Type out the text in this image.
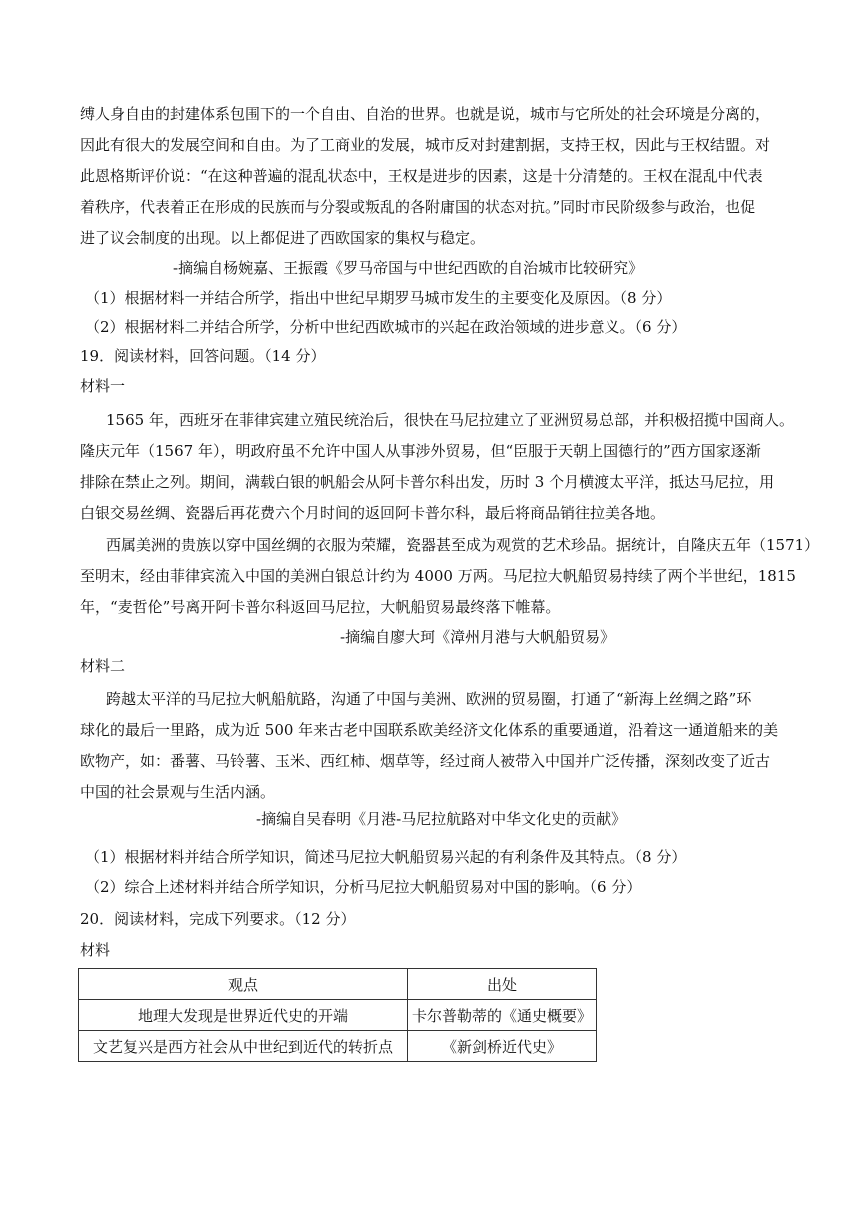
缚人身自由的封建体系包围下的一个自由、自治的世界。也就是说，城市与它所处的社会环境是分离的，
因此有很大的发展空间和自由。为了工商业的发展，城市反对封建割据，支持王权，因此与王权结盟。对
此恩格斯评价说：“在这种普遍的混乱状态中，王权是进步的因素，这是十分清楚的。王权在混乱中代表
着秩序，代表着正在形成的民族而与分裂或叛乱的各附庸国的状态对抗。”同时市民阶级参与政治，也促
进了议会制度的出现。以上都促进了西欧国家的集权与稳定。
-摘编自杨婉嘉、王振霞《罗马帝国与中世纪西欧的自治城市比较研究》
（1）根据材料一并结合所学，指出中世纪早期罗马城市发生的主要变化及原因。（8 分）
（2）根据材料二并结合所学，分析中世纪西欧城市的兴起在政治领域的进步意义。（6 分）
19．阅读材料，回答问题。（14 分）
材料一
1565 年，西班牙在菲律宾建立殖民统治后，很快在马尼拉建立了亚洲贸易总部，并积极招揽中国商人。
隆庆元年（1567 年），明政府虽不允许中国人从事涉外贸易，但“臣服于天朝上国德行的”西方国家逐渐
排除在禁止之列。期间，满载白银的帆船会从阿卡普尔科出发，历时 3 个月横渡太平洋，抵达马尼拉，用
白银交易丝绸、瓷器后再花费六个月时间的返回阿卡普尔科，最后将商品销往拉美各地。
西属美洲的贵族以穿中国丝绸的衣服为荣耀，瓷器甚至成为观赏的艺术珍品。据统计，自隆庆五年（1571）
至明末，经由菲律宾流入中国的美洲白银总计约为 4000 万两。马尼拉大帆船贸易持续了两个半世纪，1815
年，“麦哲伦”号离开阿卡普尔科返回马尼拉，大帆船贸易最终落下帷幕。
-摘编自廖大珂《漳州月港与大帆船贸易》
材料二
跨越太平洋的马尼拉大帆船航路，沟通了中国与美洲、欧洲的贸易圈，打通了“新海上丝绸之路”环
球化的最后一里路，成为近 500 年来古老中国联系欧美经济文化体系的重要通道，沿着这一通道船来的美
欧物产，如：番薯、马铃薯、玉米、西红柿、烟草等，经过商人被带入中国并广泛传播，深刻改变了近古
中国的社会景观与生活内涵。
-摘编自吴春明《月港-马尼拉航路对中华文化史的贡献》
（1）根据材料并结合所学知识，简述马尼拉大帆船贸易兴起的有利条件及其特点。（8 分）
（2）综合上述材料并结合所学知识，分析马尼拉大帆船贸易对中国的影响。（6 分）
20．阅读材料，完成下列要求。（12 分）
材料
观点	出处
地理大发现是世界近代史的开端	卡尔普勒蒂的《通史概要》
文艺复兴是西方社会从中世纪到近代的转折点	《新剑桥近代史》
